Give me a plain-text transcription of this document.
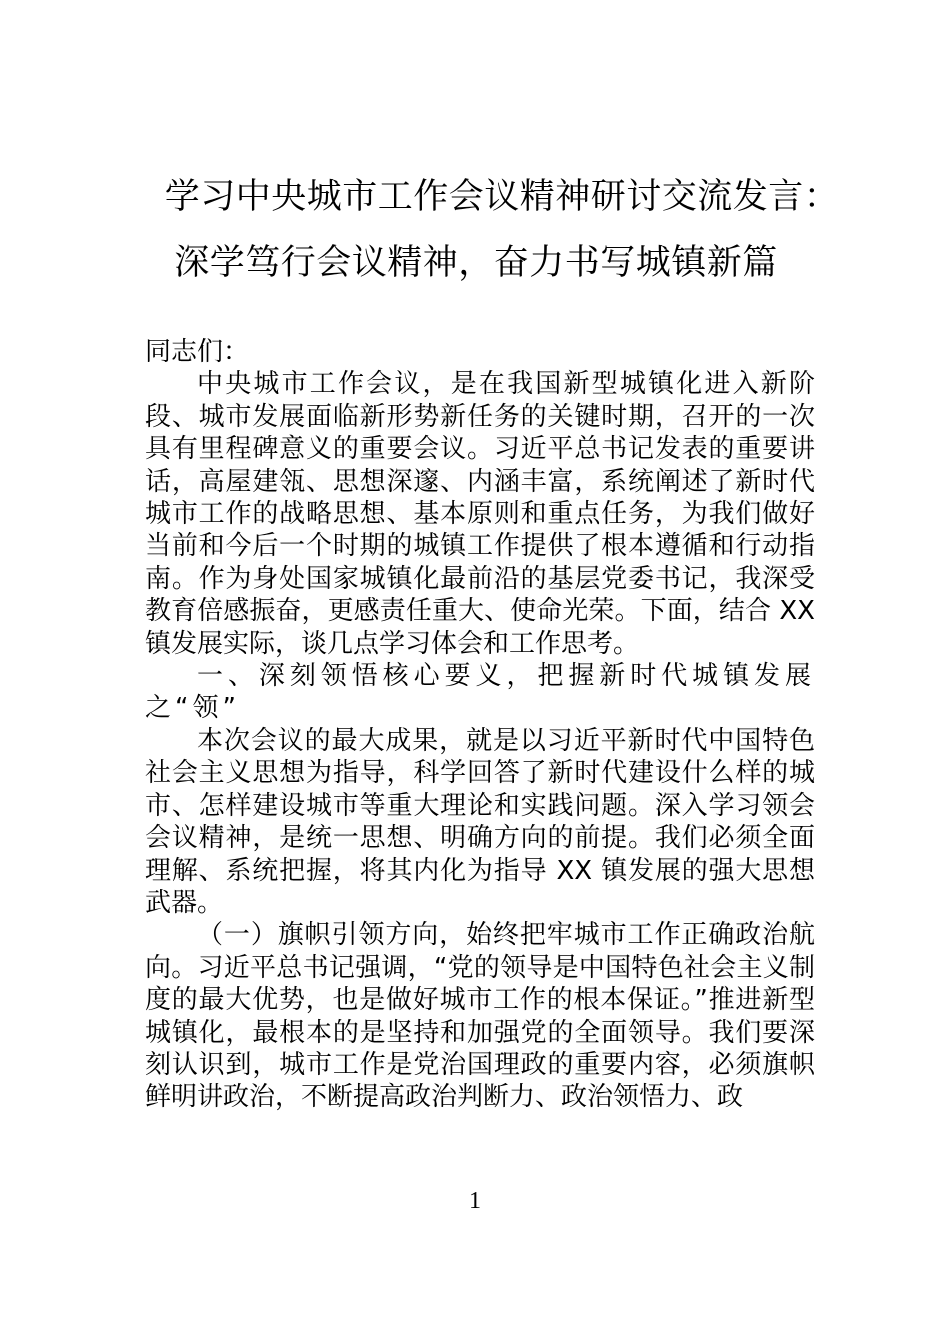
学习中央城市工作会议精神研讨交流发言：
深学笃行会议精神，奋力书写城镇新篇

同志们：

中央城市工作会议，是在我国新型城镇化进入新阶段、城市发展面临新形势新任务的关键时期，召开的一次具有里程碑意义的重要会议。习近平总书记发表的重要讲话，高屋建瓴、思想深邃、内涵丰富，系统阐述了新时代城市工作的战略思想、基本原则和重点任务，为我们做好当前和今后一个时期的城镇工作提供了根本遵循和行动指南。作为身处国家城镇化最前沿的基层党委书记，我深受教育倍感振奋，更感责任重大、使命光荣。下面，结合 XX 镇发展实际，谈几点学习体会和工作思考。

一、深刻领悟核心要义，把握新时代城镇发展之“领”

本次会议的最大成果，就是以习近平新时代中国特色社会主义思想为指导，科学回答了新时代建设什么样的城市、怎样建设城市等重大理论和实践问题。深入学习领会会议精神，是统一思想、明确方向的前提。我们必须全面理解、系统把握，将其内化为指导 XX 镇发展的强大思想武器。

（一）旗帜引领方向，始终把牢城市工作正确政治航向。习近平总书记强调，“党的领导是中国特色社会主义制度的最大优势，也是做好城市工作的根本保证。”推进新型城镇化，最根本的是坚持和加强党的全面领导。我们要深刻认识到，城市工作是党治国理政的重要内容，必须旗帜鲜明讲政治，不断提高政治判断力、政治领悟力、政

1
